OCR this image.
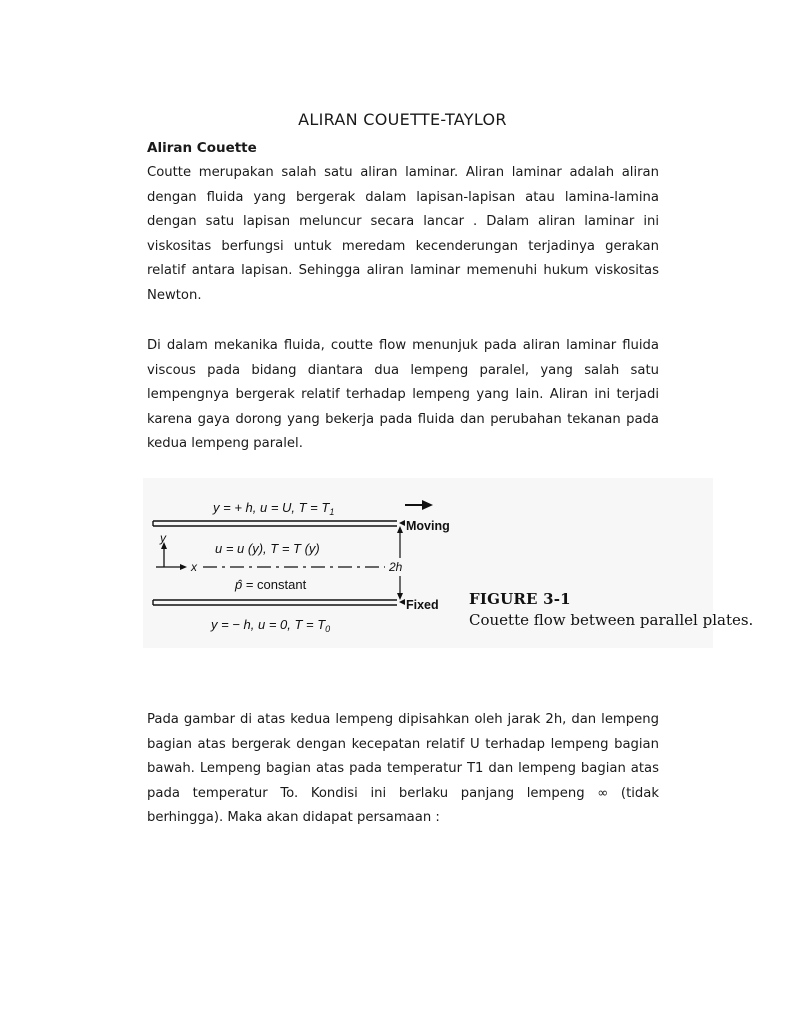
ALIRAN COUETTE-TAYLOR
Aliran Couette
Coutte merupakan salah satu aliran laminar. Aliran laminar adalah aliran dengan fluida yang bergerak dalam lapisan-lapisan atau lamina-lamina dengan satu lapisan meluncur secara lancar . Dalam aliran laminar ini viskositas berfungsi untuk meredam kecenderungan terjadinya gerakan relatif antara lapisan. Sehingga aliran laminar memenuhi hukum viskositas Newton.
Di dalam mekanika fluida, coutte flow menunjuk pada aliran laminar fluida viscous pada bidang diantara dua lempeng paralel, yang salah satu lempengnya bergerak relatif terhadap lempeng yang lain. Aliran ini terjadi karena gaya dorong yang bekerja pada fluida dan perubahan tekanan pada kedua lempeng paralel.
y = + h, u = U, $T = T_1$
u = u (y), T = T (y)
p̂ = constant
y = − h, u = 0, $T = T_0$
y
x	2h
Moving
Fixed FIGURE 3-1
Couette flow between parallel plates.
Pada gambar di atas kedua lempeng dipisahkan oleh jarak 2h, dan lempeng bagian atas bergerak dengan kecepatan relatif U terhadap lempeng bagian bawah. Lempeng bagian atas pada temperatur T1 dan lempeng bagian atas pada temperatur To. Kondisi ini berlaku panjang lempeng ∞ (tidak berhingga). Maka akan didapat persamaan :
